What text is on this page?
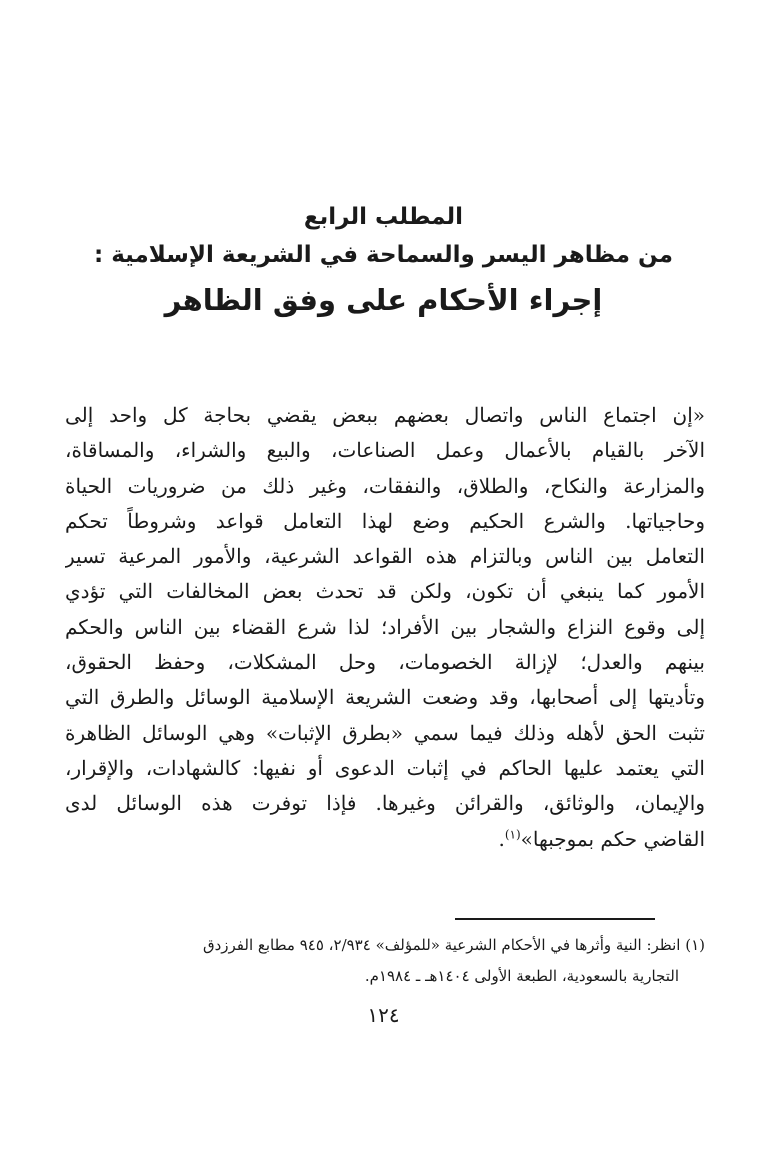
المطلب الرابع

من مظاهر اليسر والسماحة في الشريعة الإسلامية :

إجراء الأحكام على وفق الظاهر

«إن اجتماع الناس واتصال بعضهم ببعض يقضي بحاجة كل واحد إلى
الآخر بالقيام بالأعمال وعمل الصناعات، والبيع والشراء، والمساقاة،
والمزارعة والنكاح، والطلاق، والنفقات، وغير ذلك من ضروريات الحياة
وحاجياتها. والشرع الحكيم وضع لهذا التعامل قواعد وشروطاً تحكم
التعامل بين الناس وبالتزام هذه القواعد الشرعية، والأمور المرعية تسير
الأمور كما ينبغي أن تكون، ولكن قد تحدث بعض المخالفات التي تؤدي
إلى وقوع النزاع والشجار بين الأفراد؛ لذا شرع القضاء بين الناس والحكم
بينهم والعدل؛ لإزالة الخصومات، وحل المشكلات، وحفظ الحقوق،
وتأديتها إلى أصحابها، وقد وضعت الشريعة الإسلامية الوسائل والطرق التي
تثبت الحق لأهله وذلك فيما سمي «بطرق الإثبات» وهي الوسائل الظاهرة
التي يعتمد عليها الحاكم في إثبات الدعوى أو نفيها: كالشهادات، والإقرار،
والإيمان، والوثائق، والقرائن وغيرها. فإذا توفرت هذه الوسائل لدى
القاضي حكم بموجبها»$^{(١)}$.
(١) انظر: النية وأثرها في الأحكام الشرعية «للمؤلف» ٢/٩٣٤، ٩٤٥ مطابع الفرزدق
التجارية بالسعودية، الطبعة الأولى ١٤٠٤هـ ـ ١٩٨٤م.
١٢٤
